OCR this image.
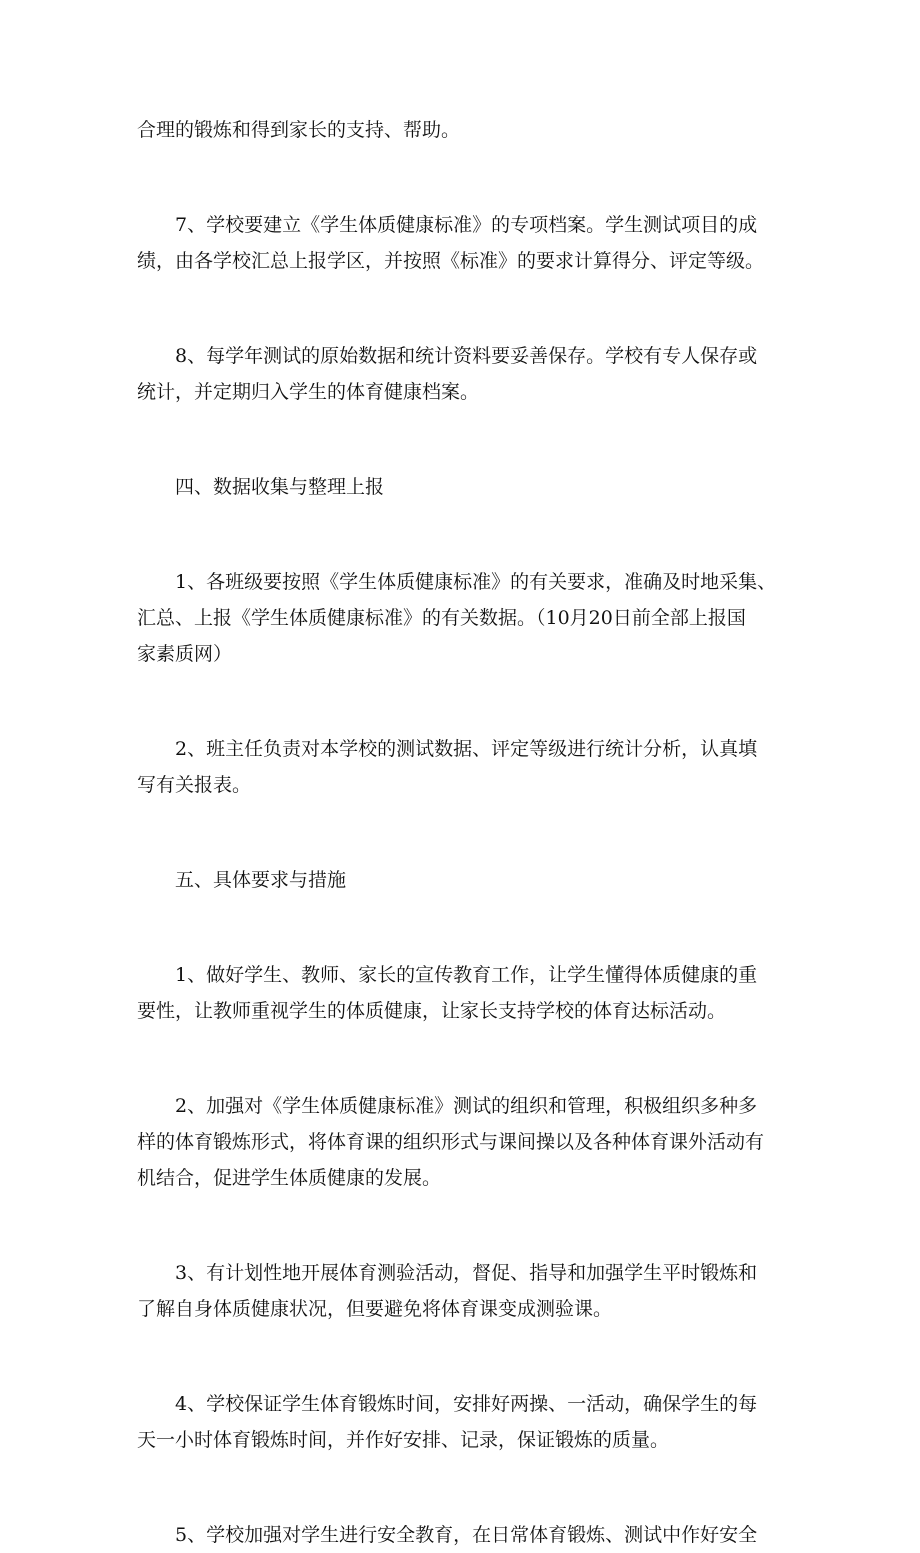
合理的锻炼和得到家长的支持、帮助。
7、学校要建立《学生体质健康标准》的专项档案。学生测试项目的成
绩，由各学校汇总上报学区，并按照《标准》的要求计算得分、评定等级。
8、每学年测试的原始数据和统计资料要妥善保存。学校有专人保存或
统计，并定期归入学生的体育健康档案。
四、数据收集与整理上报
1、各班级要按照《学生体质健康标准》的有关要求，准确及时地采集、
汇总、上报《学生体质健康标准》的有关数据。（10月20日前全部上报国
家素质网）
2、班主任负责对本学校的测试数据、评定等级进行统计分析，认真填
写有关报表。
五、具体要求与措施
1、做好学生、教师、家长的宣传教育工作，让学生懂得体质健康的重
要性，让教师重视学生的体质健康，让家长支持学校的体育达标活动。
2、加强对《学生体质健康标准》测试的组织和管理，积极组织多种多
样的体育锻炼形式，将体育课的组织形式与课间操以及各种体育课外活动有
机结合，促进学生体质健康的发展。
3、有计划性地开展体育测验活动，督促、指导和加强学生平时锻炼和
了解自身体质健康状况，但要避免将体育课变成测验课。
4、学校保证学生体育锻炼时间，安排好两操、一活动，确保学生的每
天一小时体育锻炼时间，并作好安排、记录，保证锻炼的质量。
5、学校加强对学生进行安全教育，在日常体育锻炼、测试中作好安全
